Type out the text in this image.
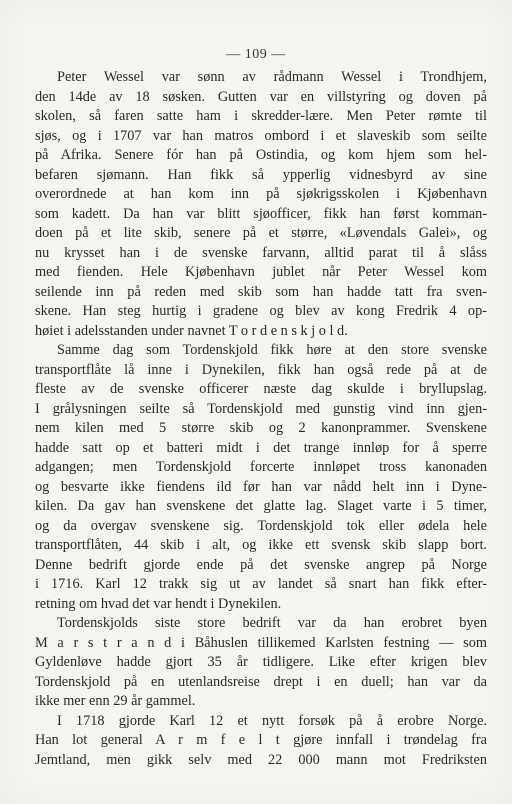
— 109 —
Peter Wessel var sønn av rådmann Wessel i Trondhjem,
den 14de av 18 søsken. Gutten var en villstyring og doven på
skolen, så faren satte ham i skredder-lære. Men Peter rømte til
sjøs, og i 1707 var han matros ombord i et slaveskib som seilte
på Afrika. Senere fór han på Ostindia, og kom hjem som hel-
befaren sjømann. Han fikk så ypperlig vidnesbyrd av sine
overordnede at han kom inn på sjøkrigsskolen i Kjøbenhavn
som kadett. Da han var blitt sjøofficer, fikk han først komman-
doen på et lite skib, senere på et større, «Løvendals Galei», og
nu krysset han i de svenske farvann, alltid parat til å slåss
med fienden. Hele Kjøbenhavn jublet når Peter Wessel kom
seilende inn på reden med skib som han hadde tatt fra sven-
skene. Han steg hurtig i gradene og blev av kong Fredrik 4 op-
høiet i adelsstanden under navnet T o r d e n s k j o l d.
Samme dag som Tordenskjold fikk høre at den store svenske
transportflåte lå inne i Dynekilen, fikk han også rede på at de
fleste av de svenske officerer næste dag skulde i bryllupslag.
I grålysningen seilte så Tordenskjold med gunstig vind inn gjen-
nem kilen med 5 større skib og 2 kanonprammer. Svenskene
hadde satt op et batteri midt i det trange innløp for å sperre
adgangen; men Tordenskjold forcerte innløpet tross kanonaden
og besvarte ikke fiendens ild før han var nådd helt inn i Dyne-
kilen. Da gav han svenskene det glatte lag. Slaget varte i 5 timer,
og da overgav svenskene sig. Tordenskjold tok eller ødela hele
transportflåten, 44 skib i alt, og ikke ett svensk skib slapp bort.
Denne bedrift gjorde ende på det svenske angrep på Norge
i 1716. Karl 12 trakk sig ut av landet så snart han fikk efter-
retning om hvad det var hendt i Dynekilen.
Tordenskjolds siste store bedrift var da han erobret byen
M a r s t r a n d i Båhuslen tillikemed Karlsten festning — som
Gyldenløve hadde gjort 35 år tidligere. Like efter krigen blev
Tordenskjold på en utenlandsreise drept i en duell; han var da
ikke mer enn 29 år gammel.
I 1718 gjorde Karl 12 et nytt forsøk på å erobre Norge.
Han lot general A r m f e l t gjøre innfall i trøndelag fra
Jemtland, men gikk selv med 22 000 mann mot Fredriksten
